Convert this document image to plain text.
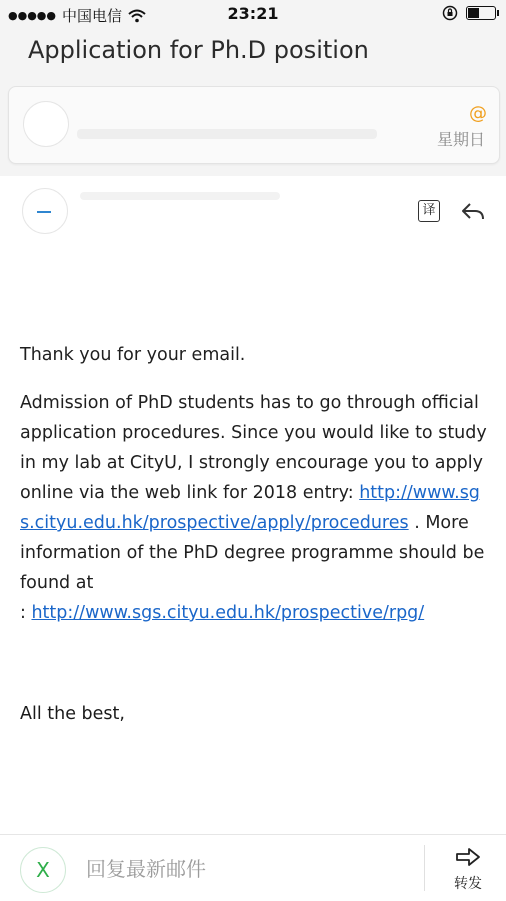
●●●●● 中国电信	23:21
Application for Ph.D position
@
星期日
译

Thank you for your email.

Admission of PhD students has to go through official application procedures. Since you would like to study in my lab at CityU, I strongly encourage you to apply online via the web link for 2018 entry: http://www.sgs.cityu.edu.hk/prospective/apply/procedures . More information of the PhD degree programme should be found at
: http://www.sgs.cityu.edu.hk/prospective/rpg/

All the best,
X	回复最新邮件
转发
